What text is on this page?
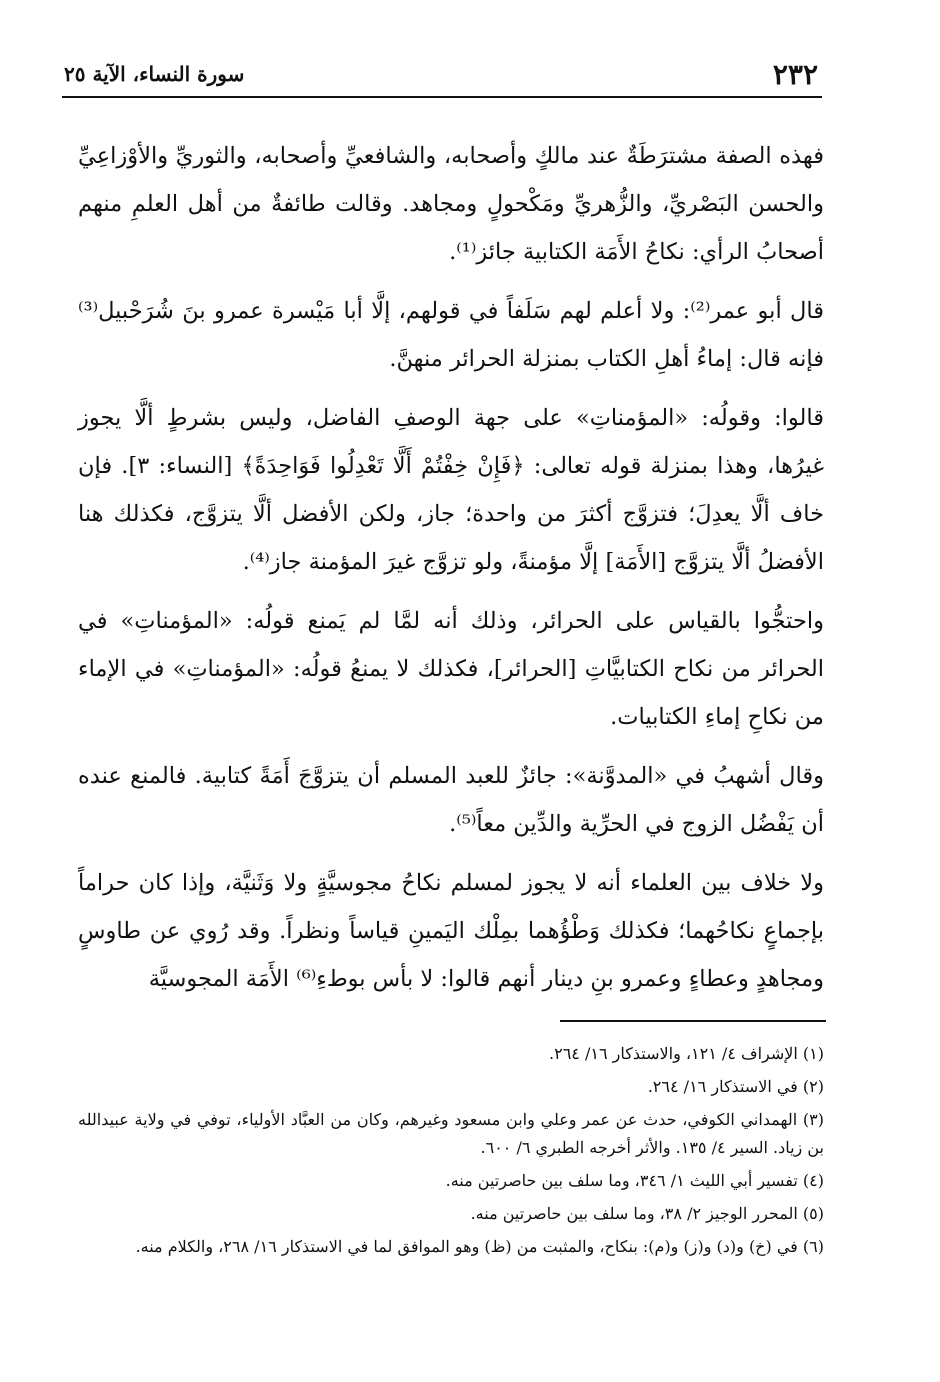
٢٣٢
سورة النساء، الآية ٢٥

فهذه الصفة مشترَطَةٌ عند مالكٍ وأصحابه، والشافعيِّ وأصحابه، والثوريِّ والأوْزاعِيِّ والحسن البَصْريِّ، والزُّهريِّ ومَكْحولٍ ومجاهد. وقالت طائفةٌ من أهل العلمِ منهم أصحابُ الرأي: نكاحُ الأَمَة الكتابية جائز⁽¹⁾.

قال أبو عمر⁽²⁾: ولا أعلم لهم سَلَفاً في قولهم، إلَّا أبا مَيْسرة عمرو بنَ شُرَحْبيل⁽³⁾ فإنه قال: إماءُ أهلِ الكتاب بمنزلة الحرائر منهنَّ.

قالوا: وقولُه: «المؤمناتِ» على جهة الوصفِ الفاضل، وليس بشرطٍ ألَّا يجوز غيرُها، وهذا بمنزلة قوله تعالى: ﴿فَإِنْ خِفْتُمْ أَلَّا تَعْدِلُوا فَوَاحِدَةً﴾ [النساء: ٣]. فإن خاف ألَّا يعدِلَ؛ فتزوَّج أكثرَ من واحدة؛ جاز، ولكن الأفضل ألَّا يتزوَّج، فكذلك هنا الأفضلُ ألَّا يتزوَّج [الأَمَة] إلَّا مؤمنةً، ولو تزوَّج غيرَ المؤمنة جاز⁽⁴⁾.

واحتجُّوا بالقياس على الحرائر، وذلك أنه لمَّا لم يَمنع قولُه: «المؤمناتِ» في الحرائر من نكاح الكتابيَّاتِ [الحرائر]، فكذلك لا يمنعُ قولُه: «المؤمناتِ» في الإماء من نكاحِ إماءِ الكتابيات.

وقال أشهبُ في «المدوَّنة»: جائزٌ للعبد المسلم أن يتزوَّجَ أَمَةً كتابية. فالمنع عنده أن يَفْضُل الزوج في الحرِّية والدِّين معاً⁽⁵⁾.

ولا خلاف بين العلماء أنه لا يجوز لمسلم نكاحُ مجوسيَّةٍ ولا وَثَنيَّة، وإذا كان حراماً بإجماعٍ نكاحُهما؛ فكذلك وَطْؤُهما بمِلْك اليَمينِ قياساً ونظراً. وقد رُوي عن طاوسٍ ومجاهدٍ وعطاءٍ وعمرو بنِ دينار أنهم قالوا: لا بأس بوطءِ⁽⁶⁾ الأَمَة المجوسيَّة

(١) الإشراف ٤/ ١٢١، والاستذكار ١٦/ ٢٦٤.

(٢) في الاستذكار ١٦/ ٢٦٤.

(٣) الهمداني الكوفي، حدث عن عمر وعلي وابن مسعود وغيرهم، وكان من العبَّاد الأولياء، توفي في ولاية عبيدالله بن زياد. السير ٤/ ١٣٥. والأثر أخرجه الطبري ٦/ ٦٠٠.

(٤) تفسير أبي الليث ١/ ٣٤٦، وما سلف بين حاصرتين منه.

(٥) المحرر الوجيز ٢/ ٣٨، وما سلف بين حاصرتين منه.

(٦) في (خ) و(د) و(ز) و(م): بنكاح، والمثبت من (ظ) وهو الموافق لما في الاستذكار ١٦/ ٢٦٨، والكلام منه.
